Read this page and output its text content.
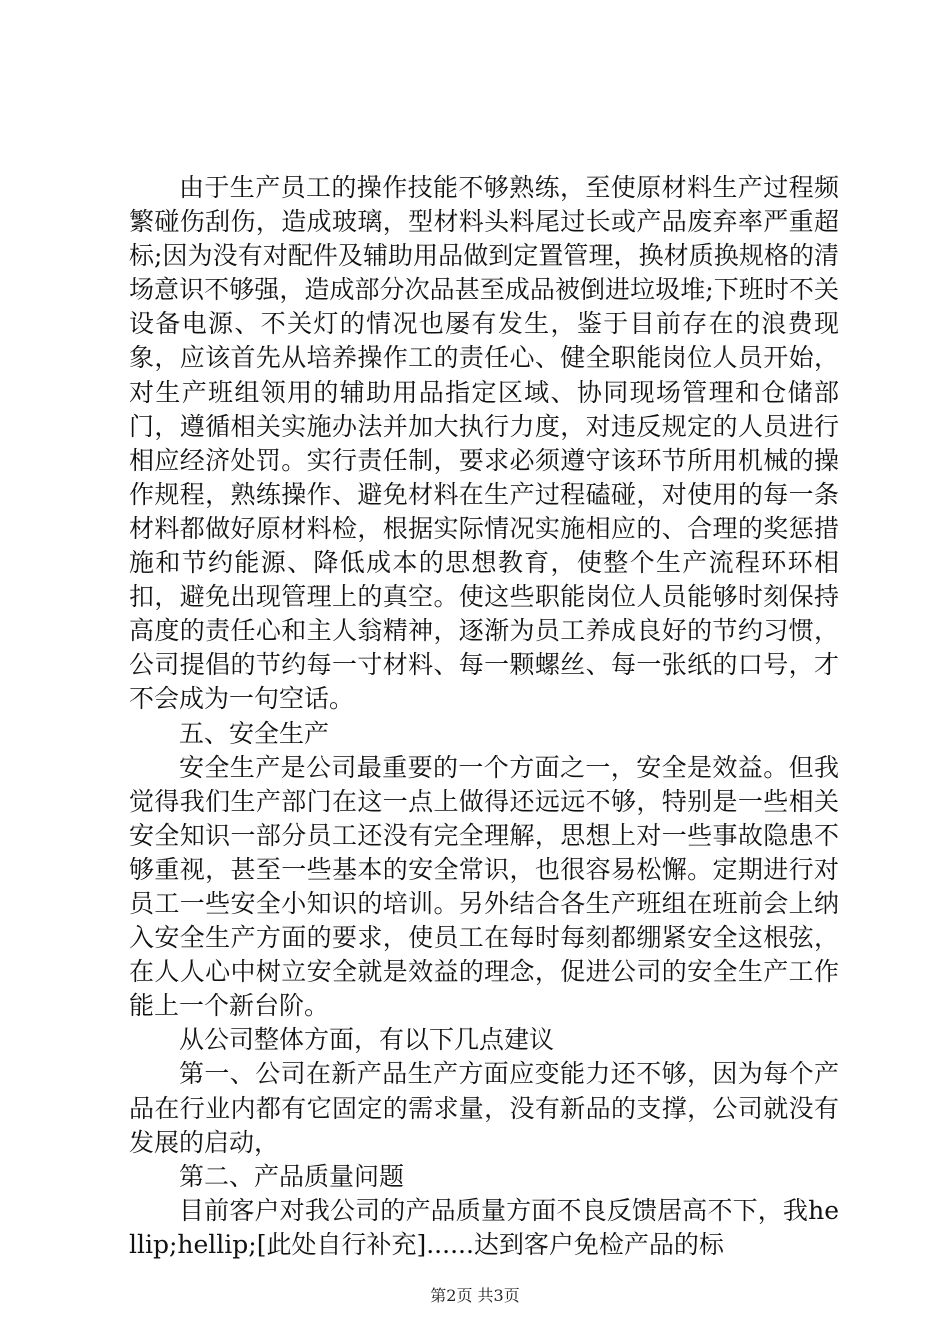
由于生产员工的操作技能不够熟练，至使原材料生产过程频繁碰伤刮伤，造成玻璃，型材料头料尾过长或产品废弃率严重超标;因为没有对配件及辅助用品做到定置管理，换材质换规格的清场意识不够强，造成部分次品甚至成品被倒进垃圾堆;下班时不关设备电源、不关灯的情况也屡有发生，鉴于目前存在的浪费现象，应该首先从培养操作工的责任心、健全职能岗位人员开始，对生产班组领用的辅助用品指定区域、协同现场管理和仓储部门，遵循相关实施办法并加大执行力度，对违反规定的人员进行相应经济处罚。实行责任制，要求必须遵守该环节所用机械的操作规程，熟练操作、避免材料在生产过程磕碰，对使用的每一条材料都做好原材料检，根据实际情况实施相应的、合理的奖惩措施和节约能源、降低成本的思想教育，使整个生产流程环环相扣，避免出现管理上的真空。使这些职能岗位人员能够时刻保持高度的责任心和主人翁精神，逐渐为员工养成良好的节约习惯，公司提倡的节约每一寸材料、每一颗螺丝、每一张纸的口号，才不会成为一句空话。

五、安全生产

安全生产是公司最重要的一个方面之一，安全是效益。但我觉得我们生产部门在这一点上做得还远远不够，特别是一些相关安全知识一部分员工还没有完全理解，思想上对一些事故隐患不够重视，甚至一些基本的安全常识，也很容易松懈。定期进行对员工一些安全小知识的培训。另外结合各生产班组在班前会上纳入安全生产方面的要求，使员工在每时每刻都绷紧安全这根弦，在人人心中树立安全就是效益的理念，促进公司的安全生产工作能上一个新台阶。

从公司整体方面，有以下几点建议

第一、公司在新产品生产方面应变能力还不够，因为每个产品在行业内都有它固定的需求量，没有新品的支撑，公司就没有发展的启动，

第二、产品质量问题

目前客户对我公司的产品质量方面不良反馈居高不下，我hellip;hellip;[此处自行补充]......达到客户免检产品的标

第2页 共3页
